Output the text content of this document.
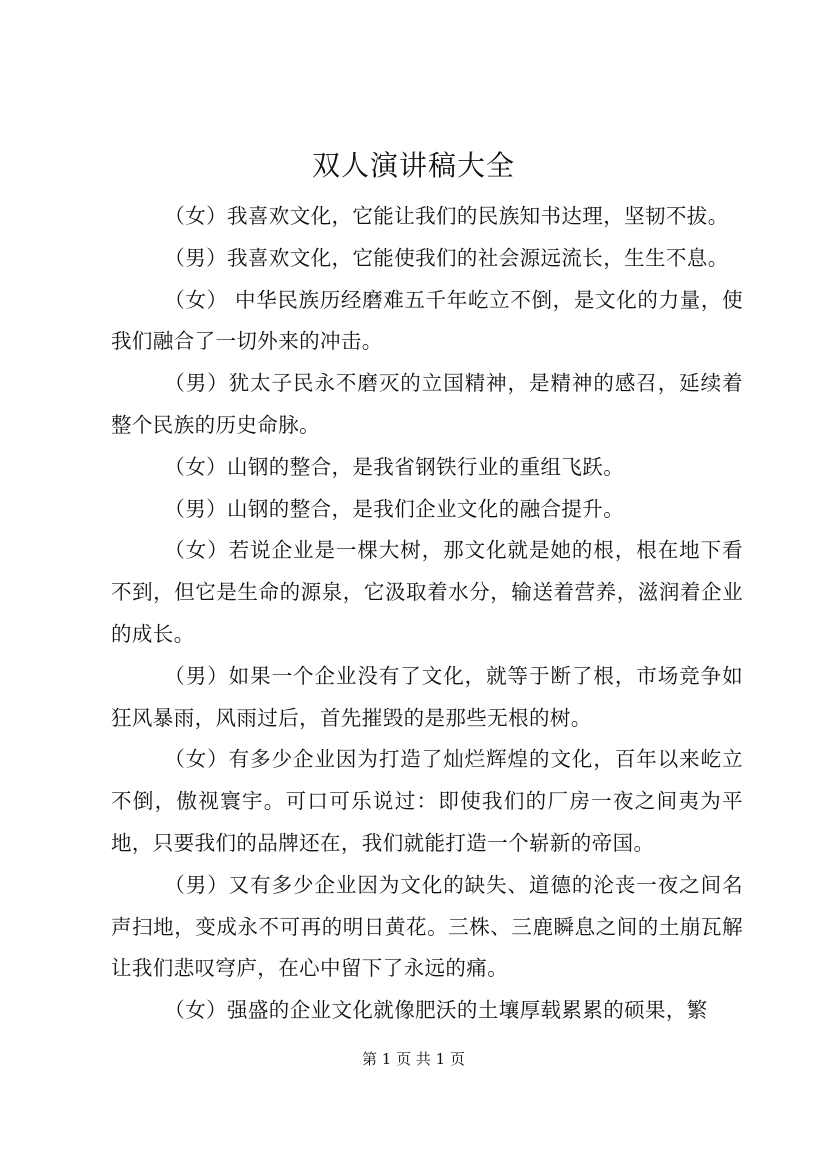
双人演讲稿大全

（女）我喜欢文化，它能让我们的民族知书达理，坚韧不拔。

（男）我喜欢文化，它能使我们的社会源远流长，生生不息。

（女） 中华民族历经磨难五千年屹立不倒，是文化的力量，使我们融合了一切外来的冲击。

（男）犹太子民永不磨灭的立国精神，是精神的感召，延续着整个民族的历史命脉。

（女）山钢的整合，是我省钢铁行业的重组飞跃。

（男）山钢的整合，是我们企业文化的融合提升。

（女）若说企业是一棵大树，那文化就是她的根，根在地下看不到，但它是生命的源泉，它汲取着水分，输送着营养，滋润着企业的成长。

（男）如果一个企业没有了文化，就等于断了根，市场竞争如狂风暴雨，风雨过后，首先摧毁的是那些无根的树。

（女）有多少企业因为打造了灿烂辉煌的文化，百年以来屹立不倒，傲视寰宇。可口可乐说过：即使我们的厂房一夜之间夷为平地，只要我们的品牌还在，我们就能打造一个崭新的帝国。

（男）又有多少企业因为文化的缺失、道德的沦丧一夜之间名声扫地，变成永不可再的明日黄花。三株、三鹿瞬息之间的土崩瓦解让我们悲叹穹庐，在心中留下了永远的痛。

（女）强盛的企业文化就像肥沃的土壤厚载累累的硕果，繁

第 1 页 共 1 页
